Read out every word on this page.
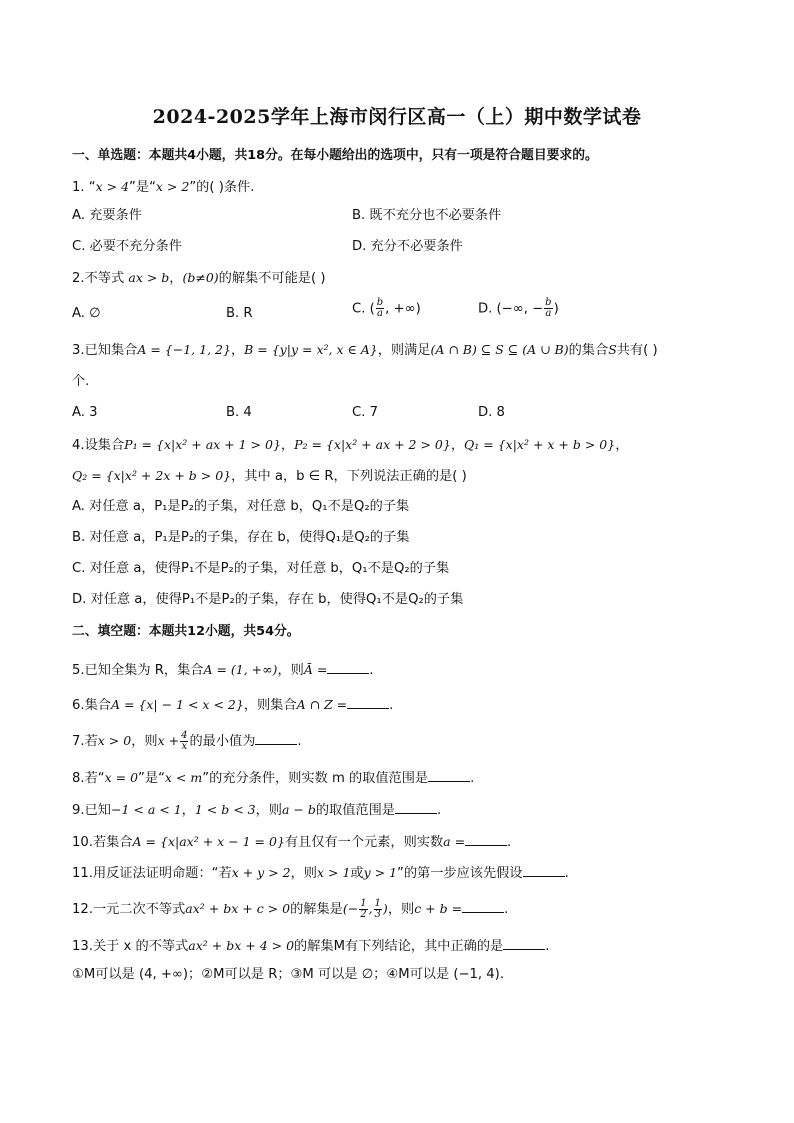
2024-2025学年上海市闵行区高一（上）期中数学试卷
一、单选题：本题共4小题，共18分。在每小题给出的选项中，只有一项是符合题目要求的。
1. “x > 4”是“x > 2”的( )条件.
A. 充要条件	B. 既不充分也不必要条件
C. 必要不充分条件	D. 充分不必要条件
2.不等式 ax > b，(b≠0)的解集不可能是( )
A. ∅	B. R	C. ( $\frac{b}{a}$ , +∞)	D. (−∞, − $\frac{b}{a}$ )
3.已知集合A = {−1, 1, 2}，B = {y|y = x², x ∈ A}，则满足(A ∩ B) ⊆ S ⊆ (A ∪ B)的集合S共有( )
个.
A. 3	B. 4	C. 7	D. 8
4.设集合P₁ = {x|x² + ax + 1 > 0}，P₂ = {x|x² + ax + 2 > 0}，Q₁ = {x|x² + x + b > 0}，
Q₂ = {x|x² + 2x + b > 0}，其中 a，b ∈ R，下列说法正确的是( )
A. 对任意 a，P₁是P₂的子集，对任意 b，Q₁不是Q₂的子集
B. 对任意 a，P₁是P₂的子集，存在 b，使得Q₁是Q₂的子集
C. 对任意 a，使得P₁不是P₂的子集，对任意 b，Q₁不是Q₂的子集
D. 对任意 a，使得P₁不是P₂的子集，存在 b，使得Q₁不是Q₂的子集
二、填空题：本题共12小题，共54分。
5.已知全集为 R，集合A = (1, +∞)，则Ā =	.
6.集合A = {x| − 1 < x < 2}，则集合A ∩ Z =	.
7.若x > 0，则$x + \frac{4}{x}$ 的最小值为	.
8.若“x = 0”是“x < m”的充分条件，则实数 m 的取值范围是	.
9.已知−1 < a < 1，1 < b < 3，则a − b的取值范围是	.
10.若集合A = {x|ax² + x − 1 = 0}有且仅有一个元素，则实数a =	.
11.用反证法证明命题：“若x + y > 2，则x > 1或y > 1”的第一步应该先假设	.
12.一元二次不等式ax² + bx + c > 0的解集是(− $\frac{1}{2}$ , $\frac{1}{3}$ )，则c + b =	.
13.关于 x 的不等式ax² + bx + 4 > 0的解集M有下列结论，其中正确的是	.
①M可以是 (4, +∞)；②M可以是 R；③M 可以是 ∅；④M可以是 (−1, 4).
